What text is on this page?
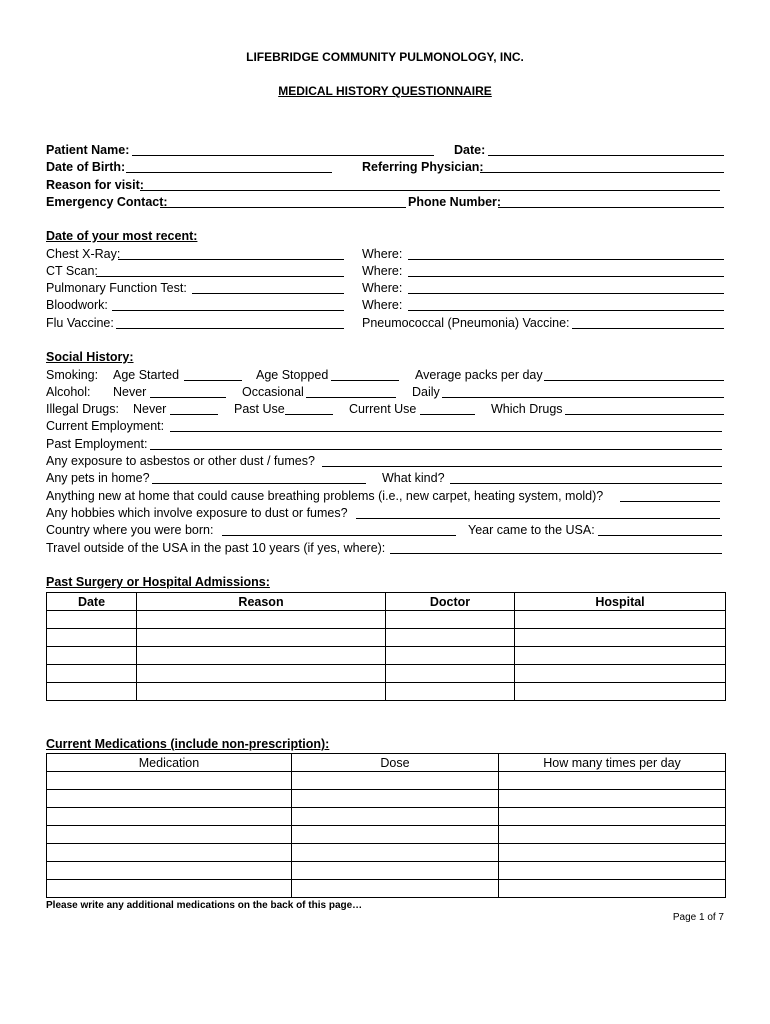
LIFEBRIDGE COMMUNITY PULMONOLOGY, INC.
MEDICAL HISTORY QUESTIONNAIRE
Patient Name:	Date:
Date of Birth:	Referring Physician:
Reason for visit:
Emergency Contact:	Phone Number:
Date of your most recent:
Chest X-Ray:	Where:
CT Scan:	Where:
Pulmonary Function Test:	Where:
Bloodwork:	Where:
Flu Vaccine:	Pneumococcal (Pneumonia) Vaccine:
Social History:
Smoking: Age Started	Age Stopped	Average packs per day
Alcohol: Never	Occasional	Daily
Illegal Drugs: Never	Past Use	Current Use	Which Drugs
Current Employment:
Past Employment:
Any exposure to asbestos or other dust / fumes?
Any pets in home?	What kind?
Anything new at home that could cause breathing problems (i.e., new carpet, heating system, mold)?
Any hobbies which involve exposure to dust or fumes?
Country where you were born:	Year came to the USA:
Travel outside of the USA in the past 10 years (if yes, where):
Past Surgery or Hospital Admissions:
Date	Reason	Doctor	Hospital

Current Medications (include non-prescription):
Medication	Dose	How many times per day

Please write any additional medications on the back of this page…
Page 1 of 7
